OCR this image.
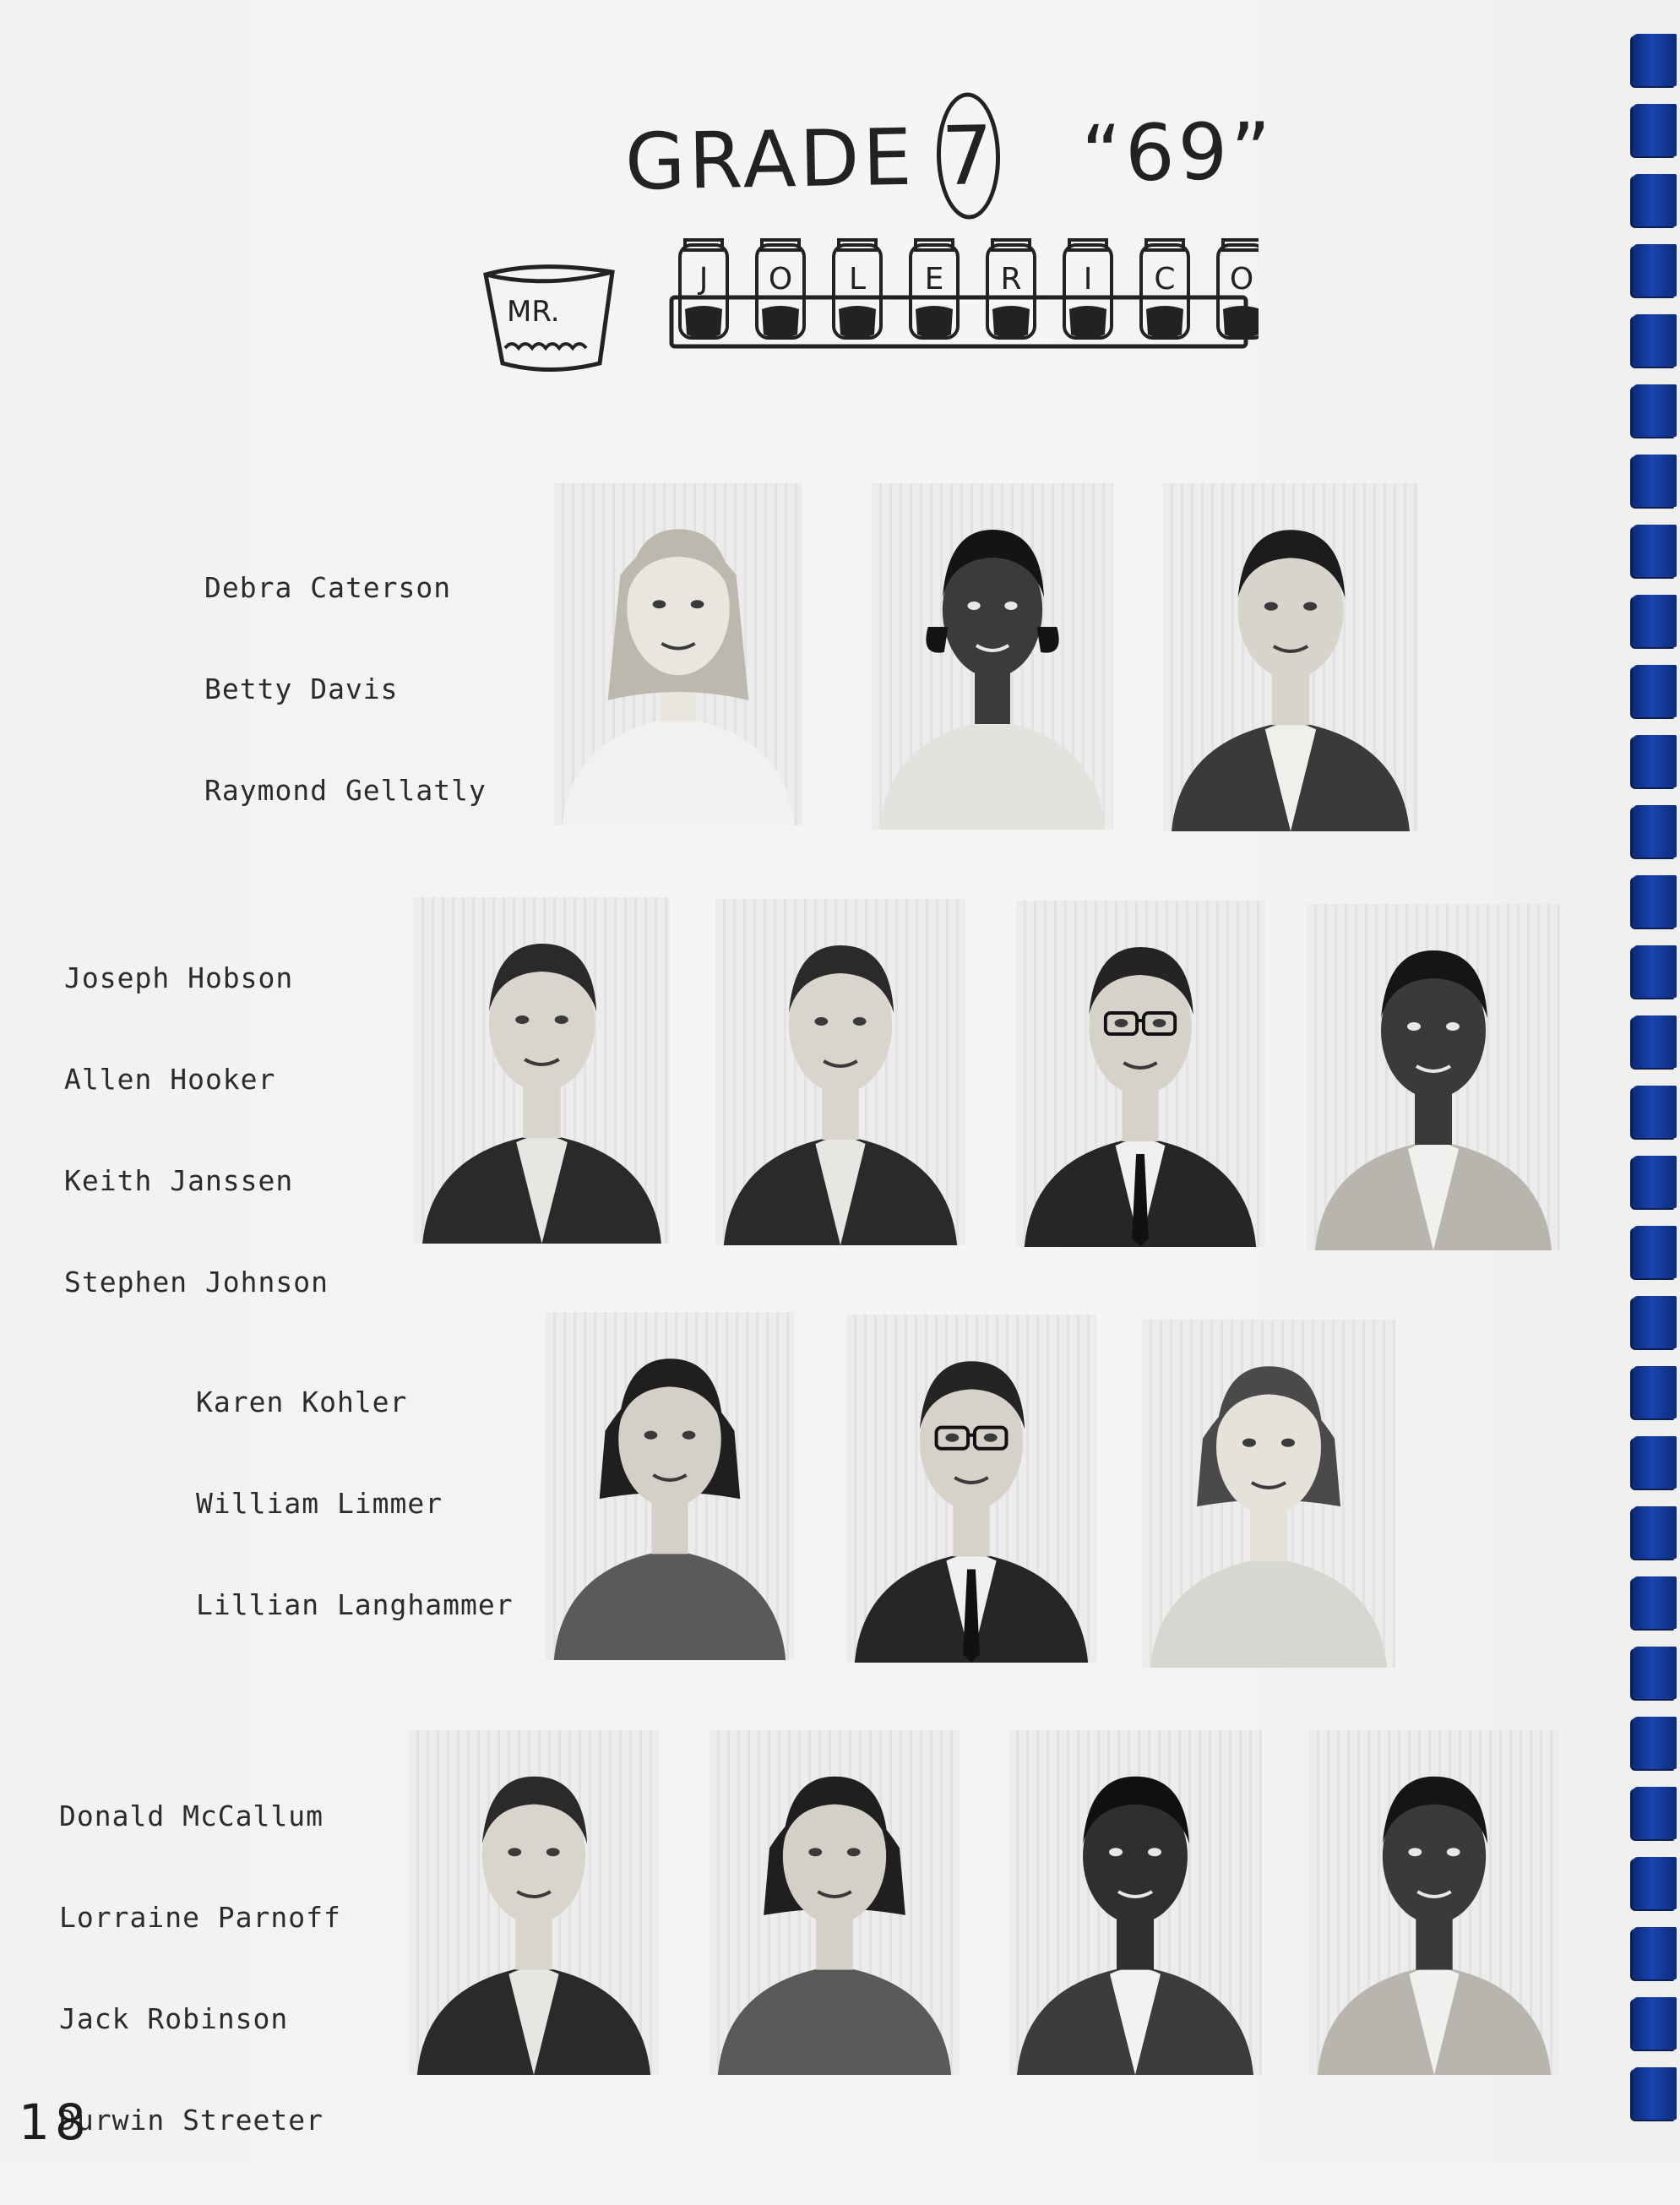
GRADE 7 “69”
MR.
J O L E R I C O

Debra Caterson

Betty Davis

Raymond Gellatly

Joseph Hobson

Allen Hooker

Keith Janssen

Stephen Johnson

Karen Kohler

William Limmer

Lillian Langhammer

Donald McCallum

Lorraine Parnoff

Jack Robinson

Durwin Streeter

18
